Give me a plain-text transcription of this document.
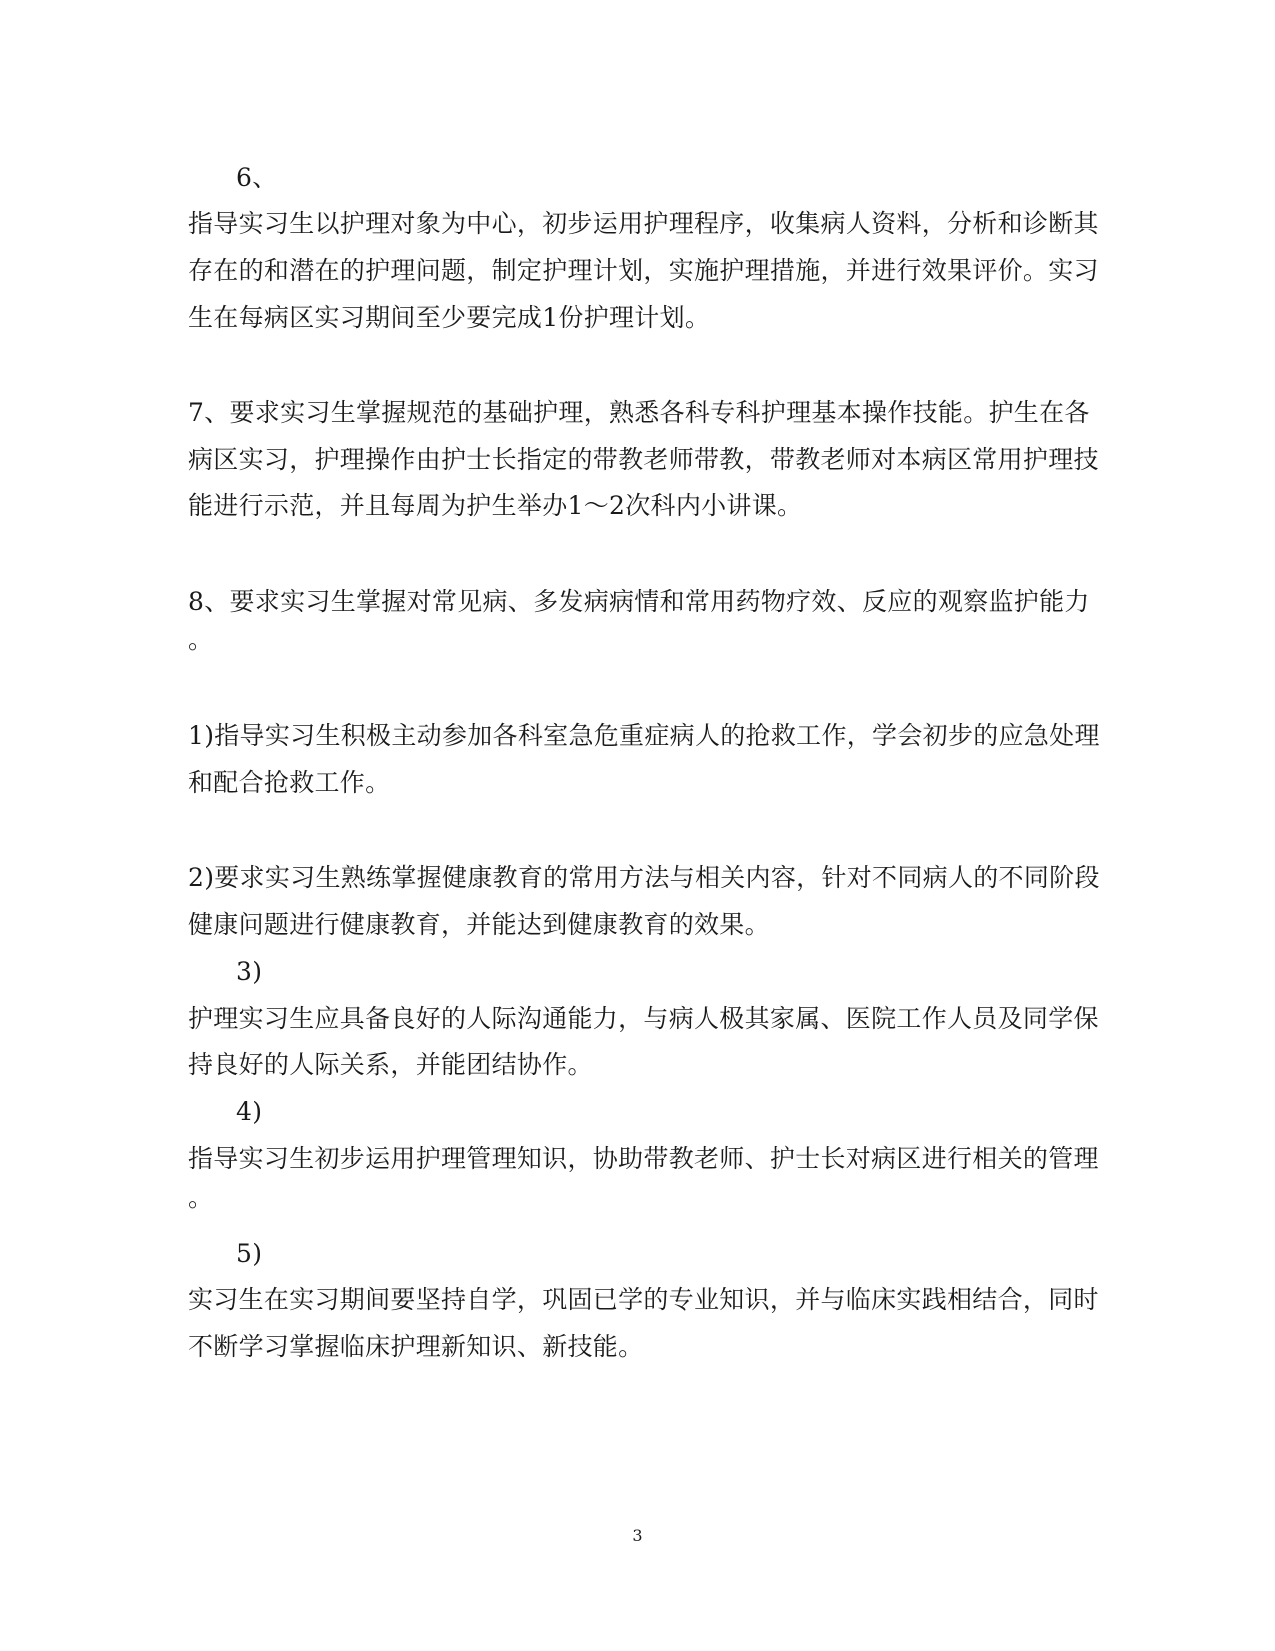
6、
指导实习生以护理对象为中心，初步运用护理程序，收集病人资料，分析和诊断其
存在的和潜在的护理问题，制定护理计划，实施护理措施，并进行效果评价。实习
生在每病区实习期间至少要完成1份护理计划。
7、要求实习生掌握规范的基础护理，熟悉各科专科护理基本操作技能。护生在各
病区实习，护理操作由护士长指定的带教老师带教，带教老师对本病区常用护理技
能进行示范，并且每周为护生举办1～2次科内小讲课。
8、要求实习生掌握对常见病、多发病病情和常用药物疗效、反应的观察监护能力
。
1)指导实习生积极主动参加各科室急危重症病人的抢救工作，学会初步的应急处理
和配合抢救工作。
2)要求实习生熟练掌握健康教育的常用方法与相关内容，针对不同病人的不同阶段
健康问题进行健康教育，并能达到健康教育的效果。
3)
护理实习生应具备良好的人际沟通能力，与病人极其家属、医院工作人员及同学保
持良好的人际关系，并能团结协作。
4)
指导实习生初步运用护理管理知识，协助带教老师、护士长对病区进行相关的管理
。
5)
实习生在实习期间要坚持自学，巩固已学的专业知识，并与临床实践相结合，同时
不断学习掌握临床护理新知识、新技能。
3
